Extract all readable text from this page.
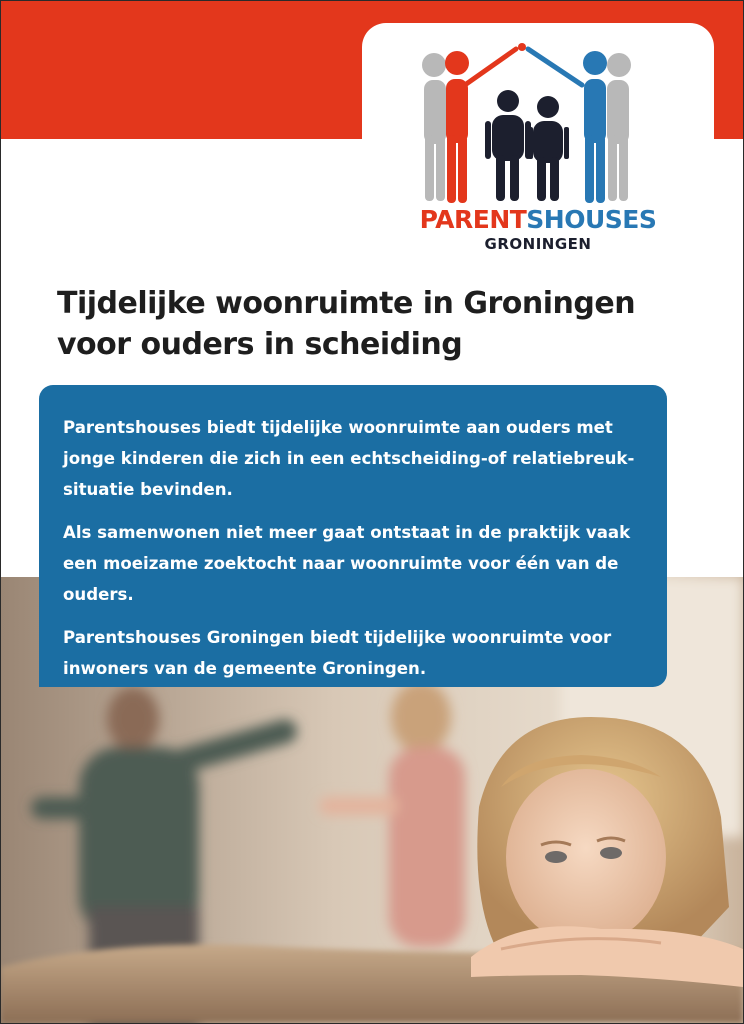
PARENTSHOUSES
GRONINGEN
Tijdelijke woonruimte in Groningen
voor ouders in scheiding

Parentshouses biedt tijdelijke woonruimte aan ouders met jonge kinderen die zich in een echtscheiding-of relatiebreuk-situatie bevinden.

Als samenwonen niet meer gaat ontstaat in de praktijk vaak een moeizame zoektocht naar woonruimte voor één van de ouders.

Parentshouses Groningen biedt tijdelijke woonruimte voor inwoners van de gemeente Groningen.
